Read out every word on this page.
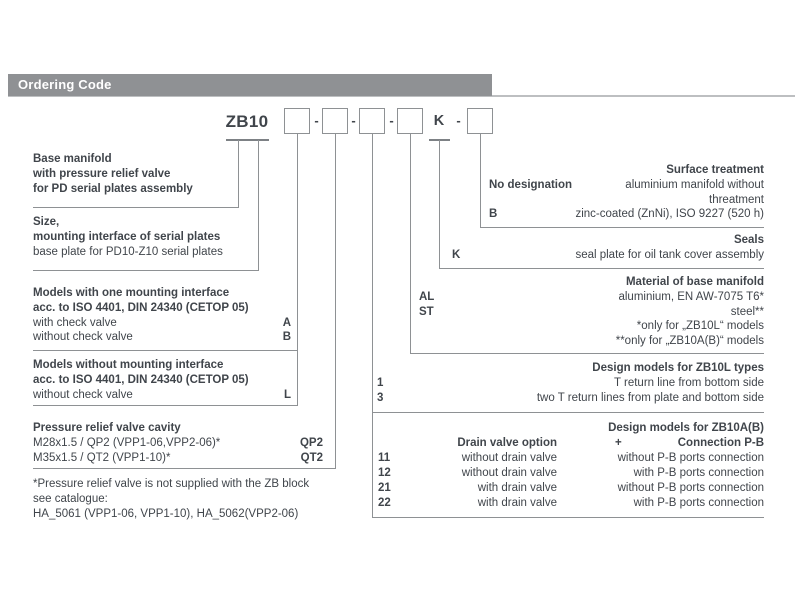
Ordering Code
ZB10	-	-	-	K -
Base manifold
with pressure relief valve
for PD serial plates assembly
Size,
mounting interface of serial plates
base plate for PD10-Z10 serial plates
Models with one mounting interface
acc. to ISO 4401, DIN 24340 (CETOP 05)
with check valve	A
without check valve	B
Models without mounting interface
acc. to ISO 4401, DIN 24340 (CETOP 05)
without check valve	L
Pressure relief valve cavity
M28x1.5 / QP2 (VPP1-06,VPP2-06)*	QP2
M35x1.5 / QT2 (VPP1-10)*	QT2
*Pressure relief valve is not supplied with the ZB block
see catalogue:
HA_5061 (VPP1-06, VPP1-10), HA_5062(VPP2-06)
Surface treatment
No designation	aluminium manifold without
threatment
B	zinc-coated (ZnNi), ISO 9227 (520 h)
Seals
K	seal plate for oil tank cover assembly
Material of base manifold
AL	aluminium, EN AW-7075 T6*
ST	steel**
*only for „ZB10L“ models
**only for „ZB10A(B)“ models
Design models for ZB10L types
1	T return line from bottom side
3	two T return lines from plate and bottom side
Design models for ZB10A(B)
Drain valve option	+	Connection P-B
11	without drain valve	without P-B ports connection
12	without drain valve	with P-B ports connection
21	with drain valve	without P-B ports connection
22	with drain valve	with P-B ports connection
